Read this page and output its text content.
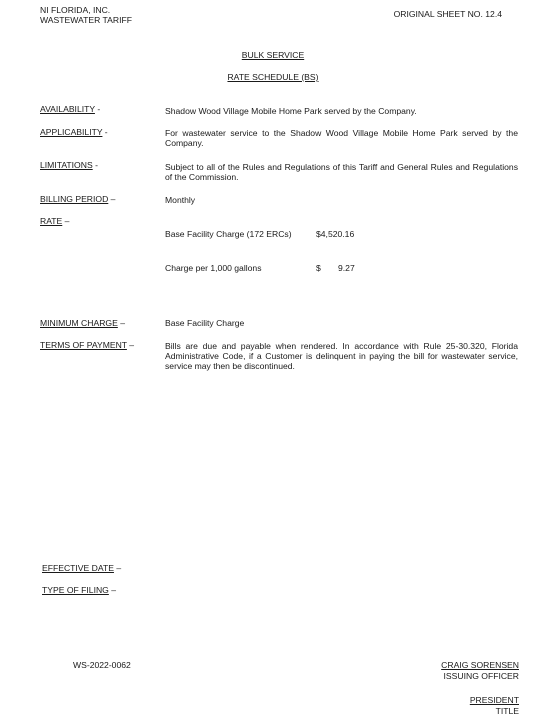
NI FLORIDA, INC.
WASTEWATER TARIFF
ORIGINAL SHEET NO. 12.4
BULK SERVICE
RATE SCHEDULE (BS)
AVAILABILITY -	Shadow Wood Village Mobile Home Park served by the Company.
APPLICABILITY -	For wastewater service to the Shadow Wood Village Mobile Home Park served by the Company.
LIMITATIONS -	Subject to all of the Rules and Regulations of this Tariff and General Rules and Regulations of the Commission.
BILLING PERIOD –	Monthly
RATE –
Base Facility Charge (172 ERCs)	$4,520.16
Charge per 1,000 gallons	$ 9.27
MINIMUM CHARGE –	Base Facility Charge
TERMS OF PAYMENT –	Bills are due and payable when rendered. In accordance with Rule 25-30.320, Florida Administrative Code, if a Customer is delinquent in paying the bill for wastewater service, service may then be discontinued.
EFFECTIVE DATE –
TYPE OF FILING –
WS-2022-0062	CRAIG SORENSEN
ISSUING OFFICER
PRESIDENT
TITLE
